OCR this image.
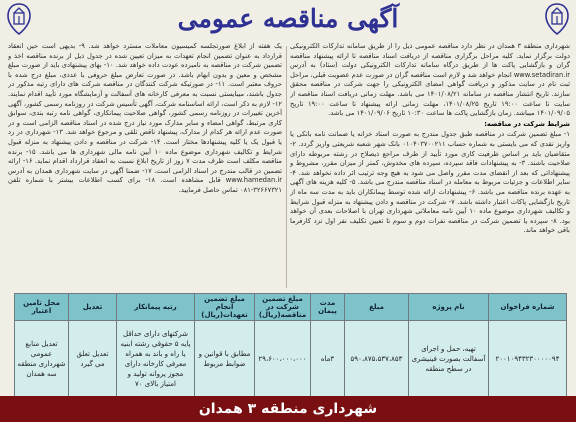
آگهی مناقصه عمومی

شهرداری منطقه ۳ همدان در نظر دارد مناقصه عمومی ذیل را از طریق سامانه تدارکات الکترونیکی دولت برگزار نماید. کلیه مراحل برگزاری مناقصه از دریافت اسناد مناقصه تا ارائه پیشنهاد مناقصه گران و بازگشایی پاکت ها از طریق درگاه سامانه تدارکات الکترونیکی دولت (ستاد) به آدرس www.setadiran.ir انجام خواهد شد و لازم است مناقصه گران در صورت عدم عضویت قبلی، مراحل ثبت نام در سایت مذکور و دریافت گواهی امضای الکترونیکی را جهت شرکت در مناقصه محقق سازند. تاریخ انتشار مناقصه در سامانه ۱۴۰۱/۰۸/۲۱ می باشد. مهلت زمانی دریافت اسناد مناقصه از سایت تا ساعت ۱۹:۰۰ تاریخ ۱۴۰۱/۰۸/۲۵، مهلت زمانی ارائه پیشنهاد تا ساعت ۱۹:۰۰ تاریخ ۱۴۰۱/۰۹/۰۵ میباشد. زمان بازگشایی پاکت ها ساعت ۱۰:۳۰ تاریخ ۱۴۰۱/۰۹/۰۶ می باشد.

شرایط شرکت در مناقصه:

۱- مبلغ تضمین شرکت در مناقصه طبق جدول مندرج به صورت اسناد خزانه یا ضمانت نامه بانکی یا واریز نقدی که می بایستی به شماره حساب ۰۱۰۴۰۳۷۰۰۲۱۱ بانک شهر شعبه شریعتی واریز گردد. ۲- متقاضیان باید بر اساس ظرفیت کاری مورد تأیید از طرف مراجع ذیصلاح در رشته مربوطه دارای صلاحیت باشند. ۳- به پیشنهادات فاقد سپرده، سپرده های مخدوش، کمتر از میزان مقرر، مشروط و پیشنهاداتی که بعد از انقضای مدت مقرر واصل می شود به هیچ وجه ترتیب اثر داده نخواهد شد. ۴- سایر اطلاعات و جزئیات مربوط به معامله در اسناد مناقصه مندرج می باشد. ۵- کلیه هزینه های آگهی به عهده برنده مناقصه می باشد. ۶- پیشنهادات ارائه شده توسط پیمانکاران باید به مدت سه ماه از تاریخ بازگشایی پاکات اعتبار داشته باشد. ۷- شرکت در مناقصه و دادن پیشنهاد به منزله قبول شرایط و تکالیف شهرداری موضوع ماده ۱۰ آیین نامه معاملاتی شهرداری تهران با اصلاحات بعدی آن خواهد بود. ۸- سپرده یا تضمین شرکت در مناقصه نفرات دوم و سوم تا تعیین تکلیف نفر اول نزد کارفرما باقی خواهد ماند.

یک هفته از ابلاغ صورتجلسه کمیسیون معاملات مسترد خواهد شد. ۹- بدیهی است حین انعقاد قرارداد به عنوان تضمین انجام تعهدات به میزان تعیین شده در جدول ذیل از برنده مناقصه اخذ و تضمین شرکت در مناقصه به نامبرده عودت داده خواهد شد. ۱۰- بهای پیشنهادی باید از صورت مبلغ مشخص و معین و بدون ابهام باشد. در صورت تعارض مبلغ حروفی با عددی، مبلغ درج شده با حروف معتبر است. ۱۱- در صورتیکه شرکت کنندگان در مناقصه شرکت های دارای رتبه مذکور در جدول باشند، میبایستی نسبت به معرفی کارخانه های آسفالت و آزمایشگاه مورد تأیید اقدام نمایند. ۱۲- لازم به ذکر است، ارائه اساسنامه شرکت، آگهی تأسیس شرکت در روزنامه رسمی کشور، آگهی آخرین تغییرات در روزنامه رسمی کشور، گواهی صلاحیت پیمانکاری، گواهی نامه رتبه بندی، سوابق کاری مرتبط، گواهی امضاء و سایر مدارک مورد نیاز درج شده در اسناد مناقصه الزامی است و در صورت عدم ارائه هر کدام از مدارک، پیشنهاد ناقص تلقی و مرجوع خواهد شد. ۱۳- شهرداری در رد یا قبول یک یا کلیه پیشنهادها مختار است. ۱۴- شرکت در مناقصه و دادن پیشنهاد به منزله قبول شرایط و تکالیف شهرداری موضوع ماده ۱۰ آیین نامه مالی شهرداری ها می باشد. ۱۵- برنده مناقصه مکلف است ظرف مدت ۷ روز از تاریخ ابلاغ نسبت به انعقاد قرارداد اقدام نماید. ۱۶- ارائه تضمین در قالب مندرج در اسناد الزامی است. ۱۷- ضمنا آگهی در سایت شهرداری همدان به آدرس www.hamedan.ir قابل مشاهده است. ۱۸- برای کسب اطلاعات بیشتر با شماره تلفن ۳۲۶۶۷۳۲۱-۰۸۱ تماس حاصل فرمایید.

شماره فراخوان	نام پروژه	مبلغ	مدت پیمان	مبلغ تضمین شرکت در مناقصه(ریال)	مبلغ تضمین انجام تعهدات(ریال)	رتبه پیمانکار	تعدیل	محل تامین اعتبار
۲۰۰۱۰۹۴۳۲۳۰۰۰۰۰۹۴	تهیه، حمل و اجرای آسفالت بصورت فینیشری در سطح منطقه	۵۹۰،۸۷۵،۵۳۷،۸۵۳	۳ماه	۲۹،۶۰۰،۰۰۰،۰۰۰	مطابق با قوانین و ضوابط مربوط	شرکتهای دارای حداقل پایه ۵ حقوقی رشته ابنیه یا راه و باند به همراه معرفی کارخانه دارای مجوز پروانه تولید و امتیاز بالای ۷۰	تعدیل تعلق می گیرد	تعدیل منابع عمومی شهرداری منطقه سه همدان
شهرداری منطقه ۳ همدان
